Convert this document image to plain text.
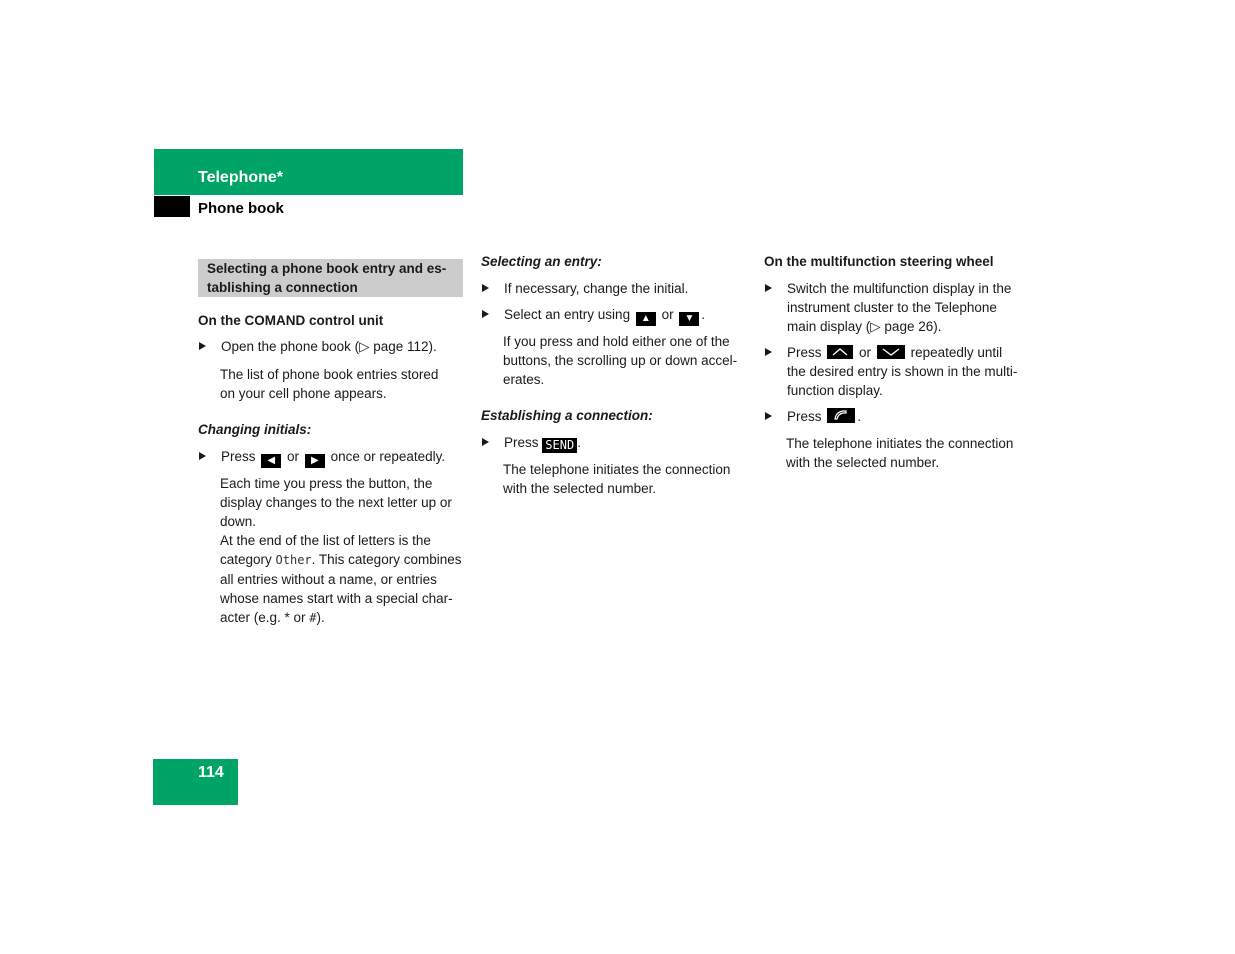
Telephone*
Phone book
Selecting a phone book entry and es-
tablishing a connection
On the COMAND control unit
Open the phone book (▷ page 112).
The list of phone book entries stored
on your cell phone appears.
Changing initials:
Press ◀ or ▶ once or repeatedly.
Each time you press the button, the
display changes to the next letter up or
down.
At the end of the list of letters is the
category Other. This category combines
all entries without a name, or entries
whose names start with a special char-
acter (e.g. * or #).
Selecting an entry:
If necessary, change the initial.
Select an entry using ▲ or ▼ .
If you press and hold either one of the
buttons, the scrolling up or down accel-
erates.
Establishing a connection:
Press SEND .
The telephone initiates the connection
with the selected number.
On the multifunction steering wheel
Switch the multifunction display in the
instrument cluster to the Telephone
main display (▷ page 26).
Press	or	repeatedly until
the desired entry is shown in the multi-
function display.
Press	.
The telephone initiates the connection
with the selected number.
114
